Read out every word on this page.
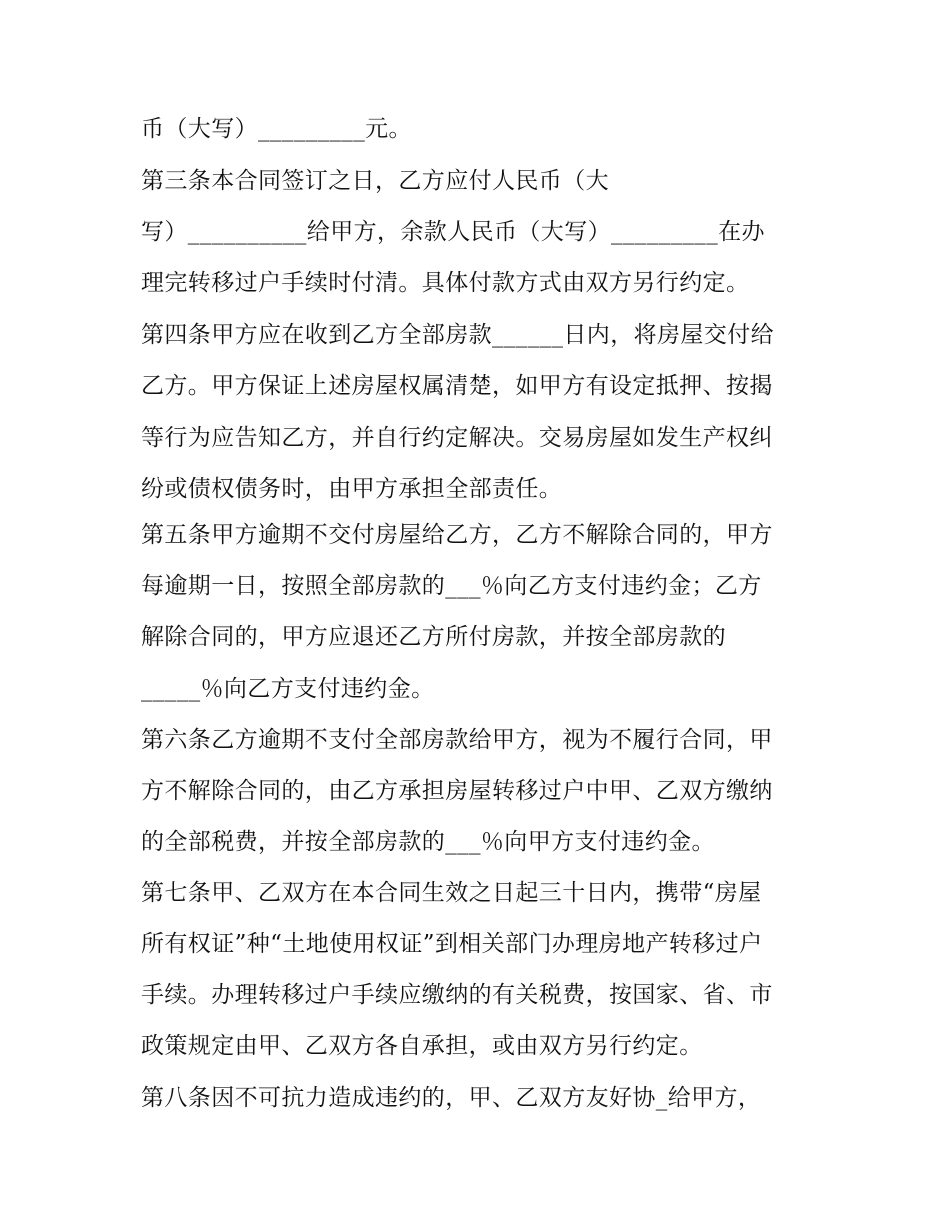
币（大写）_________元。
第三条本合同签订之日，乙方应付人民币（大
写）__________给甲方，余款人民币（大写）_________在办
理完转移过户手续时付清。具体付款方式由双方另行约定。
第四条甲方应在收到乙方全部房款______日内，将房屋交付给
乙方。甲方保证上述房屋权属清楚，如甲方有设定抵押、按揭
等行为应告知乙方，并自行约定解决。交易房屋如发生产权纠
纷或债权债务时，由甲方承担全部责任。
第五条甲方逾期不交付房屋给乙方，乙方不解除合同的，甲方
每逾期一日，按照全部房款的___％向乙方支付违约金；乙方
解除合同的，甲方应退还乙方所付房款，并按全部房款的
_____％向乙方支付违约金。
第六条乙方逾期不支付全部房款给甲方，视为不履行合同，甲
方不解除合同的，由乙方承担房屋转移过户中甲、乙双方缴纳
的全部税费，并按全部房款的___％向甲方支付违约金。
第七条甲、乙双方在本合同生效之日起三十日内，携带“房屋
所有权证”种“土地使用权证”到相关部门办理房地产转移过户
手续。办理转移过户手续应缴纳的有关税费，按国家、省、市
政策规定由甲、乙双方各自承担，或由双方另行约定。
第八条因不可抗力造成违约的，甲、乙双方友好协_给甲方，
